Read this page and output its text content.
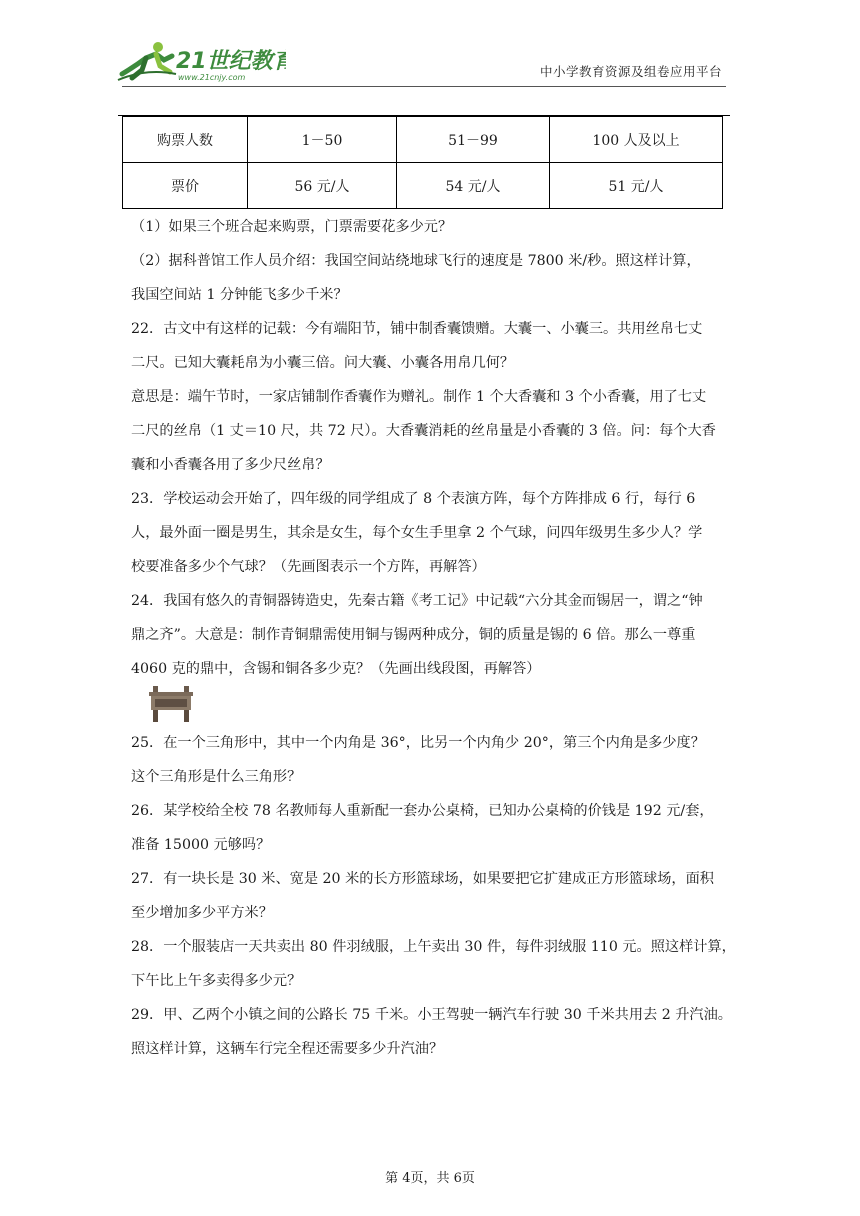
21世纪教育
www.21cnjy.com	中小学教育资源及组卷应用平台
购票人数	1－50	51－99	100 人及以上
票价	56 元/人	54 元/人	51 元/人
（1）如果三个班合起来购票，门票需要花多少元？
（2）据科普馆工作人员介绍：我国空间站绕地球飞行的速度是 7800 米/秒。照这样计算，
我国空间站 1 分钟能飞多少千米？
22．古文中有这样的记载：今有端阳节，铺中制香囊馈赠。大囊一、小囊三。共用丝帛七丈
二尺。已知大囊耗帛为小囊三倍。问大囊、小囊各用帛几何？
意思是：端午节时，一家店铺制作香囊作为赠礼。制作 1 个大香囊和 3 个小香囊，用了七丈
二尺的丝帛（1 丈＝10 尺，共 72 尺）。大香囊消耗的丝帛量是小香囊的 3 倍。问：每个大香
囊和小香囊各用了多少尺丝帛？
23．学校运动会开始了，四年级的同学组成了 8 个表演方阵，每个方阵排成 6 行，每行 6
人，最外面一圈是男生，其余是女生，每个女生手里拿 2 个气球，问四年级男生多少人？学
校要准备多少个气球？（先画图表示一个方阵，再解答）
24．我国有悠久的青铜器铸造史，先秦古籍《考工记》中记载“六分其金而锡居一，谓之“钟
鼎之齐”。大意是：制作青铜鼎需使用铜与锡两种成分，铜的质量是锡的 6 倍。那么一尊重
4060 克的鼎中，含锡和铜各多少克？（先画出线段图，再解答）
25．在一个三角形中，其中一个内角是 36°，比另一个内角少 20°，第三个内角是多少度？
这个三角形是什么三角形？
26．某学校给全校 78 名教师每人重新配一套办公桌椅，已知办公桌椅的价钱是 192 元/套，
准备 15000 元够吗？
27．有一块长是 30 米、宽是 20 米的长方形篮球场，如果要把它扩建成正方形篮球场，面积
至少增加多少平方米？
28．一个服装店一天共卖出 80 件羽绒服，上午卖出 30 件，每件羽绒服 110 元。照这样计算，
下午比上午多卖得多少元？
29．甲、乙两个小镇之间的公路长 75 千米。小王驾驶一辆汽车行驶 30 千米共用去 2 升汽油。
照这样计算，这辆车行完全程还需要多少升汽油？
第 4页，共 6页
